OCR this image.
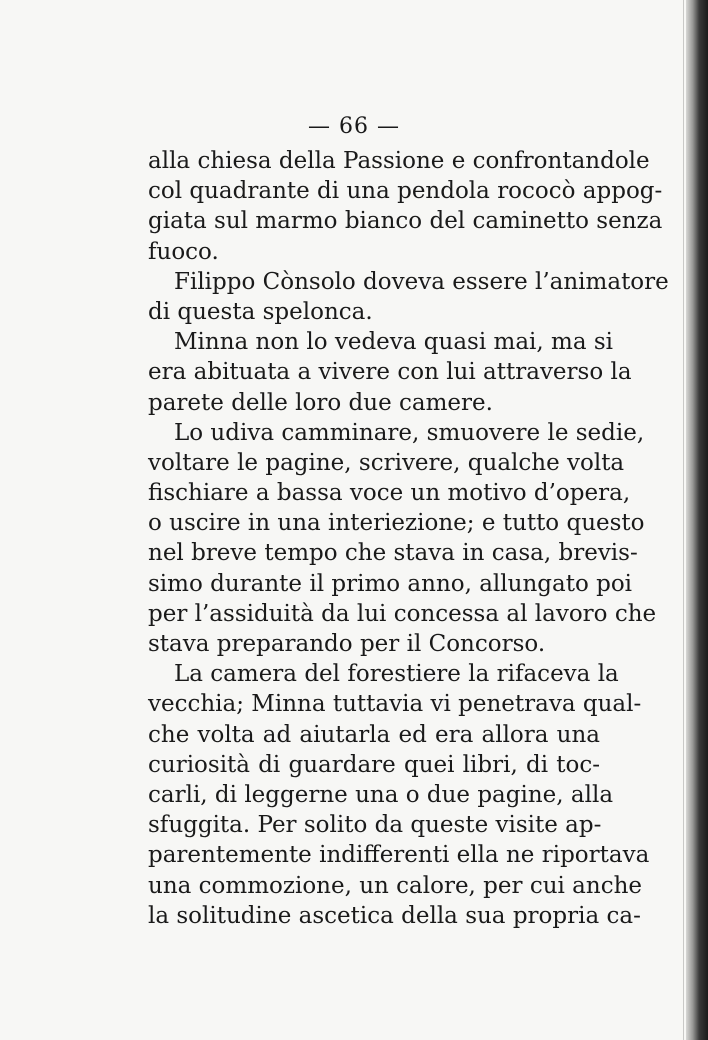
— 66 —
alla chiesa della Passione e confrontandole
col quadrante di una pendola rococò appog-
giata sul marmo bianco del caminetto senza
fuoco.
Filippo Cònsolo doveva essere l’animatore
di questa spelonca.
Minna non lo vedeva quasi mai, ma si
era abituata a vivere con lui attraverso la
parete delle loro due camere.
Lo udiva camminare, smuovere le sedie,
voltare le pagine, scrivere, qualche volta
fischiare a bassa voce un motivo d’opera,
o uscire in una interiezione; e tutto questo
nel breve tempo che stava in casa, brevis-
simo durante il primo anno, allungato poi
per l’assiduità da lui concessa al lavoro che
stava preparando per il Concorso.
La camera del forestiere la rifaceva la
vecchia; Minna tuttavia vi penetrava qual-
che volta ad aiutarla ed era allora una
curiosità di guardare quei libri, di toc-
carli, di leggerne una o due pagine, alla
sfuggita. Per solito da queste visite ap-
parentemente indifferenti ella ne riportava
una commozione, un calore, per cui anche
la solitudine ascetica della sua propria ca-
